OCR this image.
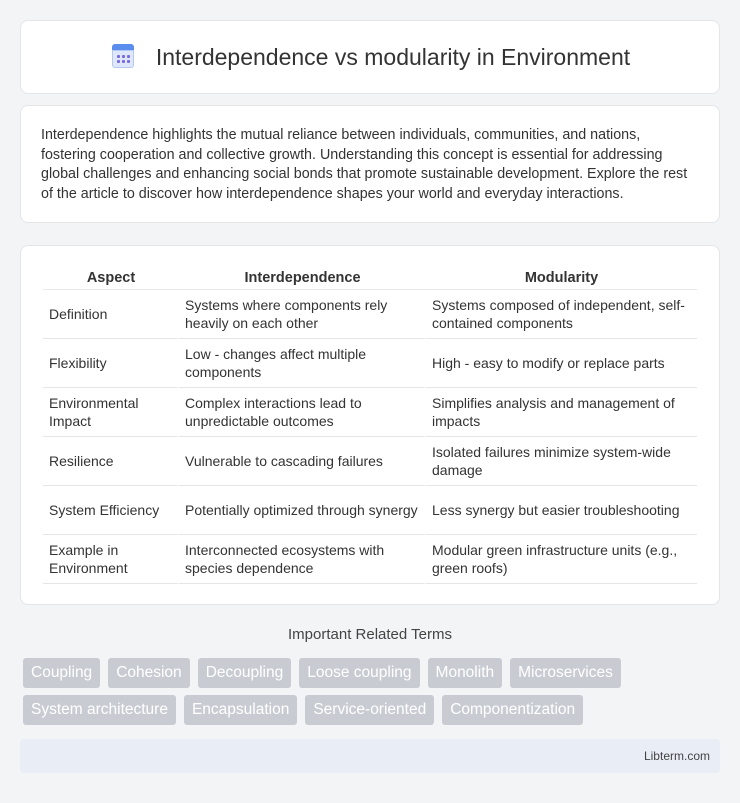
Interdependence vs modularity in Environment

Interdependence highlights the mutual reliance between individuals, communities, and nations, fostering cooperation and collective growth. Understanding this concept is essential for addressing global challenges and enhancing social bonds that promote sustainable development. Explore the rest of the article to discover how interdependence shapes your world and everyday interactions.

Aspect	Interdependence	Modularity
Definition	Systems where components rely heavily on each other	Systems composed of independent, self-contained components
Flexibility	Low - changes affect multiple components	High - easy to modify or replace parts
Environmental Impact	Complex interactions lead to unpredictable outcomes	Simplifies analysis and management of impacts
Resilience	Vulnerable to cascading failures	Isolated failures minimize system-wide damage
System Efficiency	Potentially optimized through synergy	Less synergy but easier troubleshooting
Example in Environment	Interconnected ecosystems with species dependence	Modular green infrastructure units (e.g., green roofs)
Important Related Terms
Coupling	Cohesion	Decoupling	Loose coupling	Monolith	Microservices
System architecture	Encapsulation	Service-oriented	Componentization
Libterm.com
